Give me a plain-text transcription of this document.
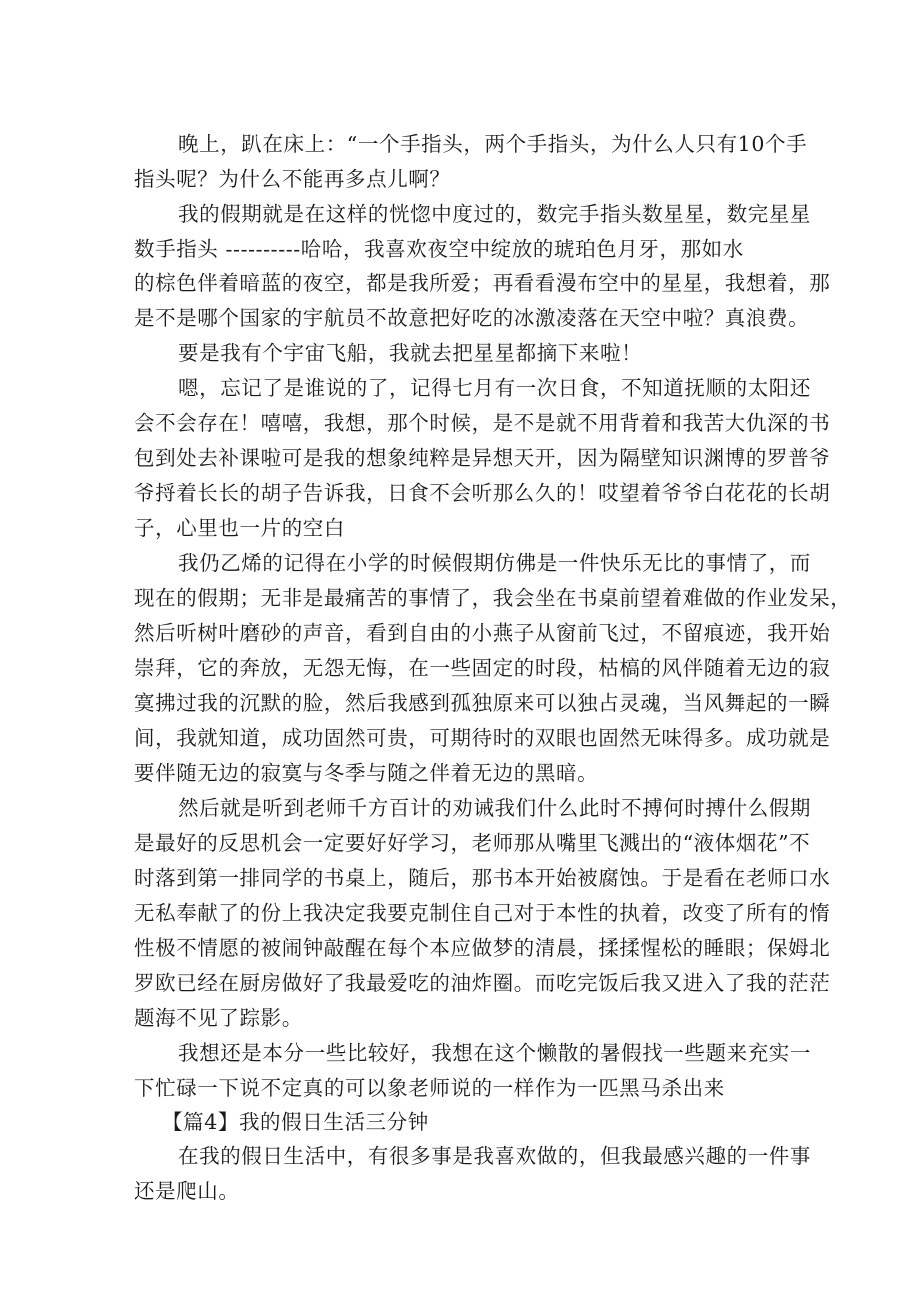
晚上，趴在床上：“一个手指头，两个手指头，为什么人只有10个手
指头呢？为什么不能再多点儿啊？
我的假期就是在这样的恍惚中度过的，数完手指头数星星，数完星星
数手指头 ----------哈哈，我喜欢夜空中绽放的琥珀色月牙，那如水
的棕色伴着暗蓝的夜空，都是我所爱；再看看漫布空中的星星，我想着，那
是不是哪个国家的宇航员不故意把好吃的冰激凌落在天空中啦？真浪费。
要是我有个宇宙飞船，我就去把星星都摘下来啦！
嗯，忘记了是谁说的了，记得七月有一次日食，不知道抚顺的太阳还
会不会存在！嘻嘻，我想，那个时候，是不是就不用背着和我苦大仇深的书
包到处去补课啦可是我的想象纯粹是异想天开，因为隔壁知识渊博的罗普爷
爷捋着长长的胡子告诉我，日食不会听那么久的！哎望着爷爷白花花的长胡
子，心里也一片的空白
我仍乙烯的记得在小学的时候假期仿佛是一件快乐无比的事情了，而
现在的假期；无非是最痛苦的事情了，我会坐在书桌前望着难做的作业发呆，
然后听树叶磨砂的声音，看到自由的小燕子从窗前飞过，不留痕迹，我开始
崇拜，它的奔放，无怨无悔，在一些固定的时段，枯槁的风伴随着无边的寂
寞拂过我的沉默的脸，然后我感到孤独原来可以独占灵魂，当风舞起的一瞬
间，我就知道，成功固然可贵，可期待时的双眼也固然无味得多。成功就是
要伴随无边的寂寞与冬季与随之伴着无边的黑暗。
然后就是听到老师千方百计的劝诫我们什么此时不搏何时搏什么假期
是最好的反思机会一定要好好学习，老师那从嘴里飞溅出的“液体烟花”不
时落到第一排同学的书桌上，随后，那书本开始被腐蚀。于是看在老师口水
无私奉献了的份上我决定我要克制住自己对于本性的执着，改变了所有的惰
性极不情愿的被闹钟敲醒在每个本应做梦的清晨，揉揉惺松的睡眼；保姆北
罗欧已经在厨房做好了我最爱吃的油炸圈。而吃完饭后我又进入了我的茫茫
题海不见了踪影。
我想还是本分一些比较好，我想在这个懒散的暑假找一些题来充实一
下忙碌一下说不定真的可以象老师说的一样作为一匹黑马杀出来
【篇4】我的假日生活三分钟
在我的假日生活中，有很多事是我喜欢做的，但我最感兴趣的一件事
还是爬山。
